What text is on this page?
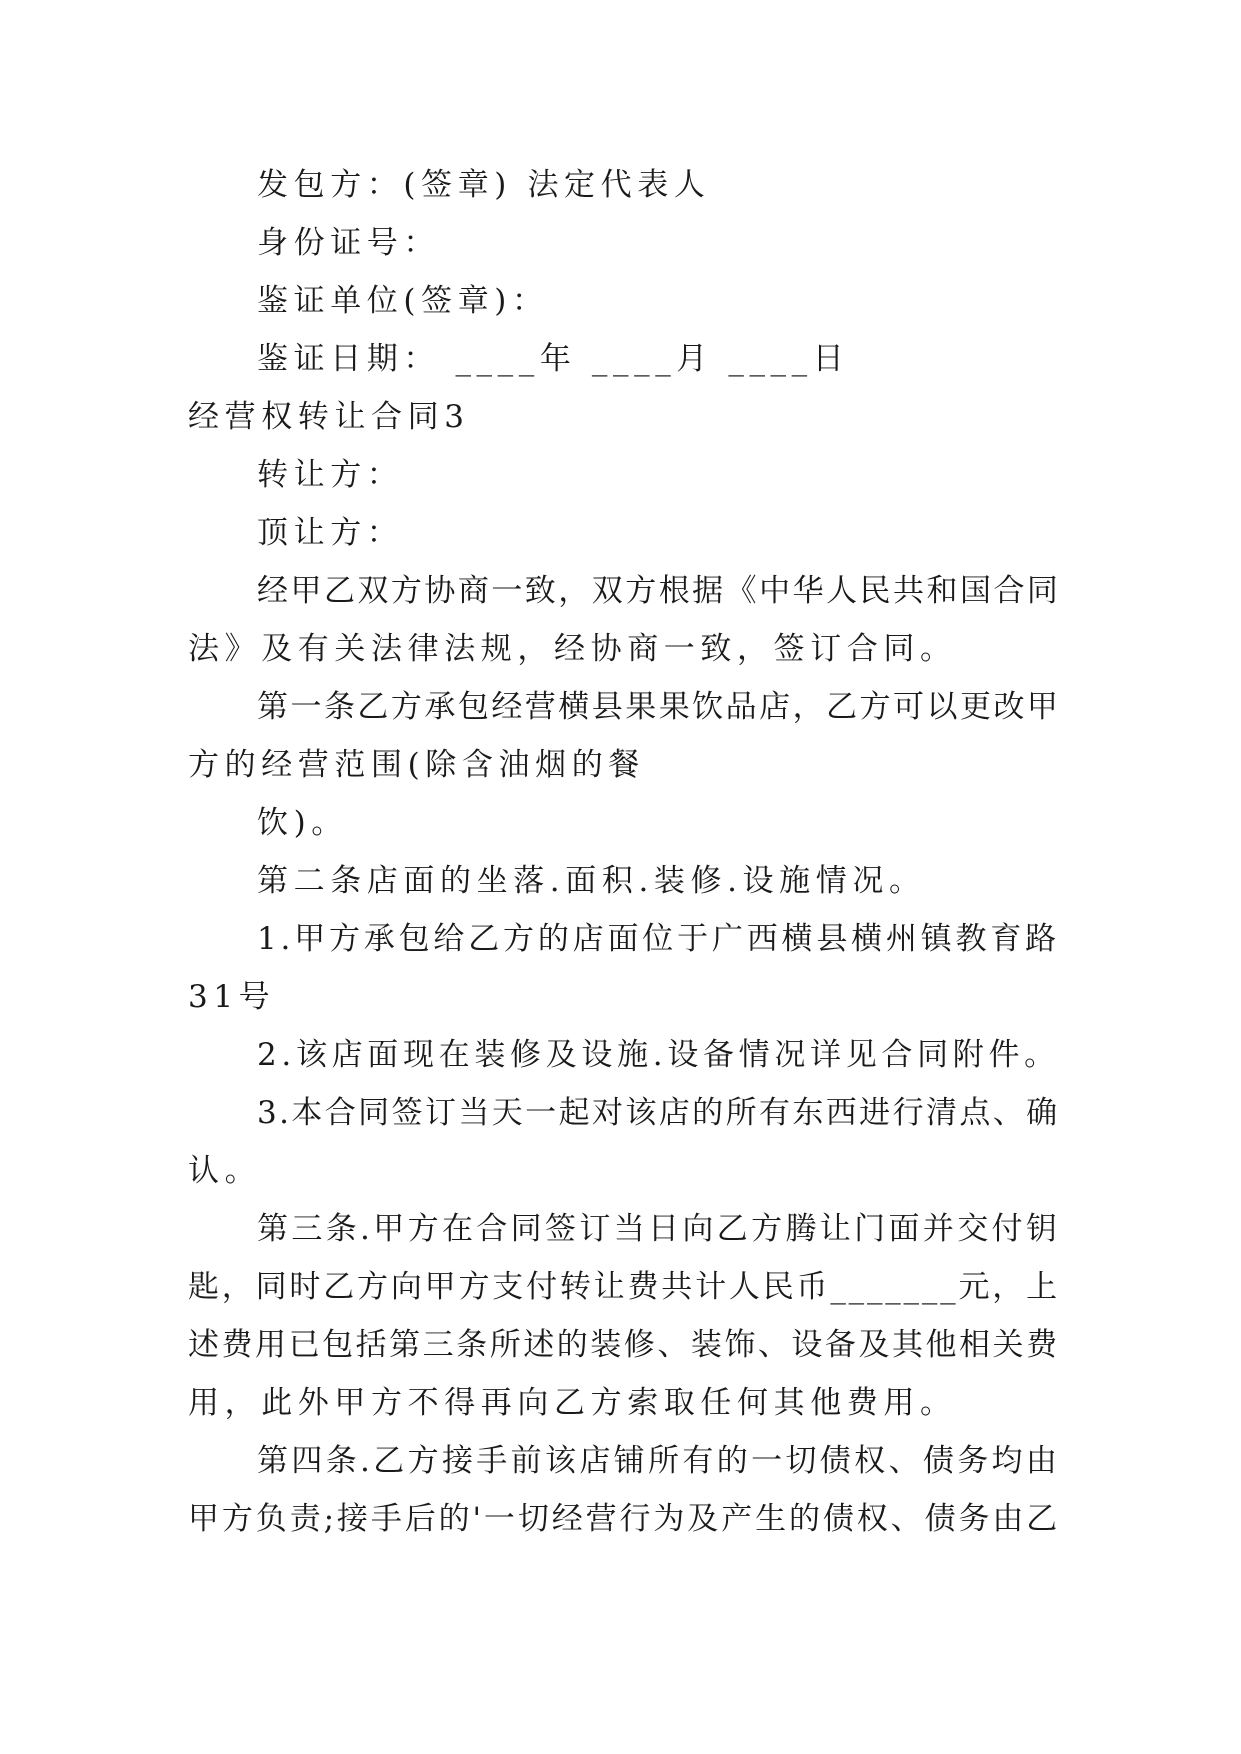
发包方：(签章) 法定代表人
身份证号：
鉴证单位(签章)：
鉴证日期： ____年 ____月 ____日
经营权转让合同3
转让方：
顶让方：
经甲乙双方协商一致，双方根据《中华人民共和国合同
法》及有关法律法规，经协商一致，签订合同。
第一条乙方承包经营横县果果饮品店，乙方可以更改甲
方的经营范围(除含油烟的餐
饮)。
第二条店面的坐落.面积.装修.设施情况。
1.甲方承包给乙方的店面位于广西横县横州镇教育路
31号
2.该店面现在装修及设施.设备情况详见合同附件。
3.本合同签订当天一起对该店的所有东西进行清点、确
认。
第三条.甲方在合同签订当日向乙方腾让门面并交付钥
匙，同时乙方向甲方支付转让费共计人民币_______元，上
述费用已包括第三条所述的装修、装饰、设备及其他相关费
用，此外甲方不得再向乙方索取任何其他费用。
第四条.乙方接手前该店铺所有的一切债权、债务均由
甲方负责;接手后的'一切经营行为及产生的债权、债务由乙
